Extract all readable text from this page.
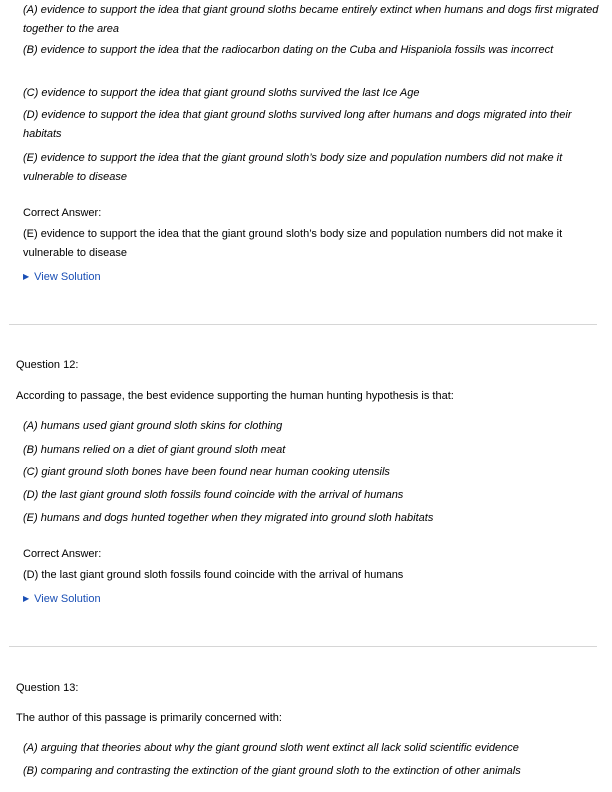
(A) evidence to support the idea that giant ground sloths became entirely extinct when humans and dogs first migrated together to the area
(B) evidence to support the idea that the radiocarbon dating on the Cuba and Hispaniola fossils was incorrect
(C) evidence to support the idea that giant ground sloths survived the last Ice Age
(D) evidence to support the idea that giant ground sloths survived long after humans and dogs migrated into their habitats
(E) evidence to support the idea that the giant ground sloth’s body size and population numbers did not make it vulnerable to disease
Correct Answer:
(E) evidence to support the idea that the giant ground sloth’s body size and population numbers did not make it vulnerable to disease
▶ View Solution
Question 12:
According to passage, the best evidence supporting the human hunting hypothesis is that:
(A) humans used giant ground sloth skins for clothing
(B) humans relied on a diet of giant ground sloth meat
(C) giant ground sloth bones have been found near human cooking utensils
(D) the last giant ground sloth fossils found coincide with the arrival of humans
(E) humans and dogs hunted together when they migrated into ground sloth habitats
Correct Answer:
(D) the last giant ground sloth fossils found coincide with the arrival of humans
▶ View Solution
Question 13:
The author of this passage is primarily concerned with:
(A) arguing that theories about why the giant ground sloth went extinct all lack solid scientific evidence
(B) comparing and contrasting the extinction of the giant ground sloth to the extinction of other animals
